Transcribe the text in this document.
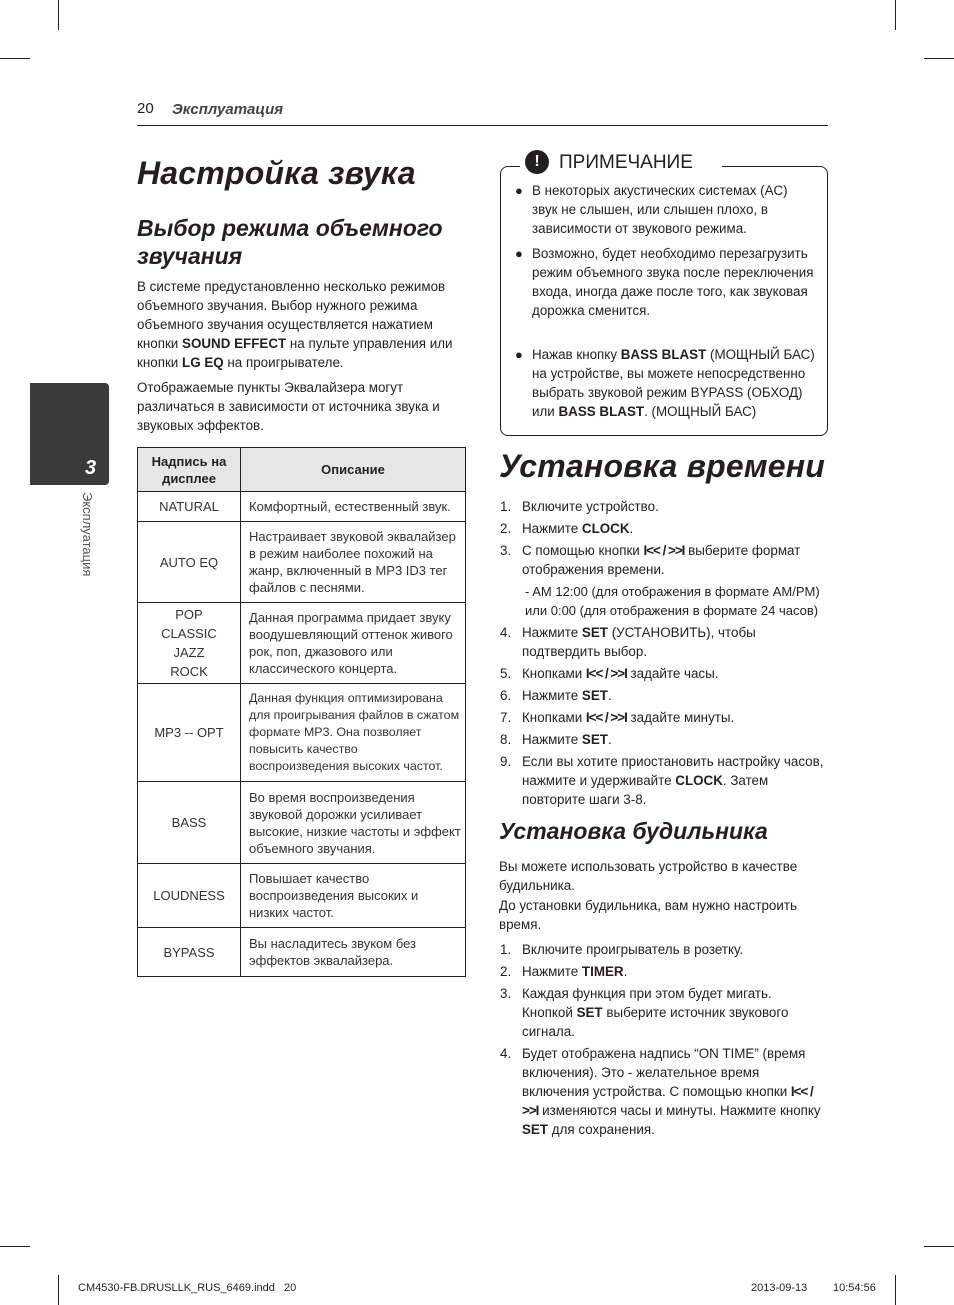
20 Эксплуатация
3
Эксплуатация
Настройка звука
Выбор режима объемного звучания
В системе предустановленно несколько режимов объемного звучания. Выбор нужного режима объемного звучания осуществляется нажатием кнопки SOUND EFFECT на пульте управления или кнопки LG EQ на проигрывателе.
Отображаемые пункты Эквалайзера могут различаться в зависимости от источника звука и звуковых эффектов.
Надпись на дисплее	Описание
NATURAL	Комфортный, естественный звук.
AUTO EQ	Настраивает звуковой эквалайзер в режим наиболее похожий на жанр, включенный в MP3 ID3 тег файлов с песнями.
POP
CLASSIC
JAZZ
ROCK	Данная программа придает звуку воодушевляющий оттенок живого рок, поп, джазового или классического концерта.
MP3 -- OPT	Данная функция оптимизирована для проигрывания файлов в сжатом формате MP3. Она позволяет повысить качество воспроизведения высоких частот.
BASS	Во время воспроизведения звуковой дорожки усиливает высокие, низкие частоты и эффект объемного звучания.
LOUDNESS	Повышает качество воспроизведения высоких и низких частот.
BYPASS	Вы насладитесь звуком без эффектов эквалайзера.
!	ПРИМЕЧАНИЕ
● В некоторых акустических системах (AC) звук не слышен, или слышен плохо, в зависимости от звукового режима.
● Возможно, будет необходимо перезагрузить режим объемного звука после переключения входа, иногда даже после того, как звуковая дорожка сменится.
● Нажав кнопку BASS BLAST (МОЩНЫЙ БАС) на устройстве, вы можете непосредственно выбрать звуковой режим BYPASS (ОБХОД) или BASS BLAST. (МОЩНЫЙ БАС)
Установка времени
1. Включите устройство.
2. Нажмите CLOCK.
3. С помощью кнопки I<< / >>I выберите формат отображения времени.
- AM 12:00 (для отображения в формате AM/PM) или 0:00 (для отображения в формате 24 часов)
4. Нажмите SET (УСТАНОВИТЬ), чтобы подтвердить выбор.
5. Кнопками I<< / >>I задайте часы.
6. Нажмите SET.
7. Кнопками I<< / >>I задайте минуты.
8. Нажмите SET.
9. Если вы хотите приостановить настройку часов, нажмите и удерживайте CLOCK. Затем повторите шаги 3-8.
Установка будильника
Вы можете использовать устройство в качестве будильника.
До установки будильника, вам нужно настроить время.
1. Включите проигрыватель в розетку.
2. Нажмите TIMER.
3. Каждая функция при этом будет мигать. Кнопкой SET выберите источник звукового сигнала.
4. Будет отображена надпись “ON TIME” (время включения). Это - желательное время включения устройства. С помощью кнопки I<< / >>I изменяются часы и минуты. Нажмите кнопку SET для сохранения.
CM4530-FB.DRUSLLK_RUS_6469.indd   20	2013-09-13 10:54:56
